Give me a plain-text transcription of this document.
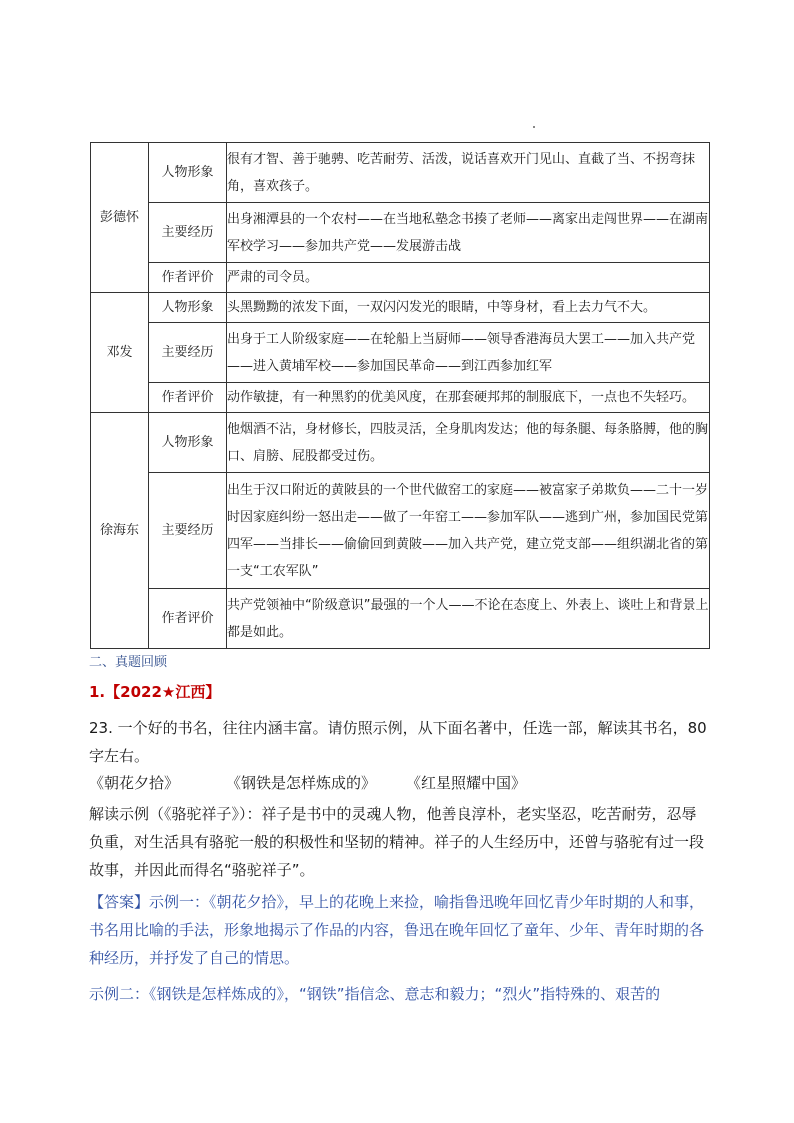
彭德怀	人物形象	很有才智、善于驰骋、吃苦耐劳、活泼，说话喜欢开门见山、直截了当、不拐弯抹角，喜欢孩子。
	主要经历	出身湘潭县的一个农村——在当地私塾念书揍了老师——离家出走闯世界——在湖南军校学习——参加共产党——发展游击战
	作者评价	严肃的司令员。
邓发	人物形象	头黑黝黝的浓发下面，一双闪闪发光的眼睛，中等身材，看上去力气不大。
	主要经历	出身于工人阶级家庭——在轮船上当厨师——领导香港海员大罢工——加入共产党——进入黄埔军校——参加国民革命——到江西参加红军
	作者评价	动作敏捷，有一种黑豹的优美风度，在那套硬邦邦的制服底下，一点也不失轻巧。
徐海东	人物形象	他烟酒不沾，身材修长，四肢灵活，全身肌肉发达；他的每条腿、每条胳膊，他的胸口、肩膀、屁股都受过伤。
	主要经历	出生于汉口附近的黄陂县的一个世代做窑工的家庭——被富家子弟欺负——二十一岁时因家庭纠纷一怒出走——做了一年窑工——参加军队——逃到广州，参加国民党第四军——当排长——偷偷回到黄陂——加入共产党，建立党支部——组织湖北省的第一支“工农军队”
	作者评价	共产党领袖中“阶级意识”最强的一个人——不论在态度上、外表上、谈吐上和背景上都是如此。
二、真题回顾
1.【2022★江西】
23. 一个好的书名，往往内涵丰富。请仿照示例，从下面名著中，任选一部，解读其书名，80字左右。
《朝花夕拾》	《钢铁是怎样炼成的》 《红星照耀中国》
解读示例（《骆驼祥子》）：祥子是书中的灵魂人物，他善良淳朴，老实坚忍，吃苦耐劳，忍辱负重，对生活具有骆驼一般的积极性和坚韧的精神。祥子的人生经历中，还曾与骆驼有过一段故事，并因此而得名“骆驼祥子”。
【答案】示例一：《朝花夕拾》，早上的花晚上来捡，喻指鲁迅晚年回忆青少年时期的人和事，书名用比喻的手法，形象地揭示了作品的内容，鲁迅在晚年回忆了童年、少年、青年时期的各种经历，并抒发了自己的情思。
示例二：《钢铁是怎样炼成的》，“钢铁”指信念、意志和毅力；“烈火”指特殊的、艰苦的
